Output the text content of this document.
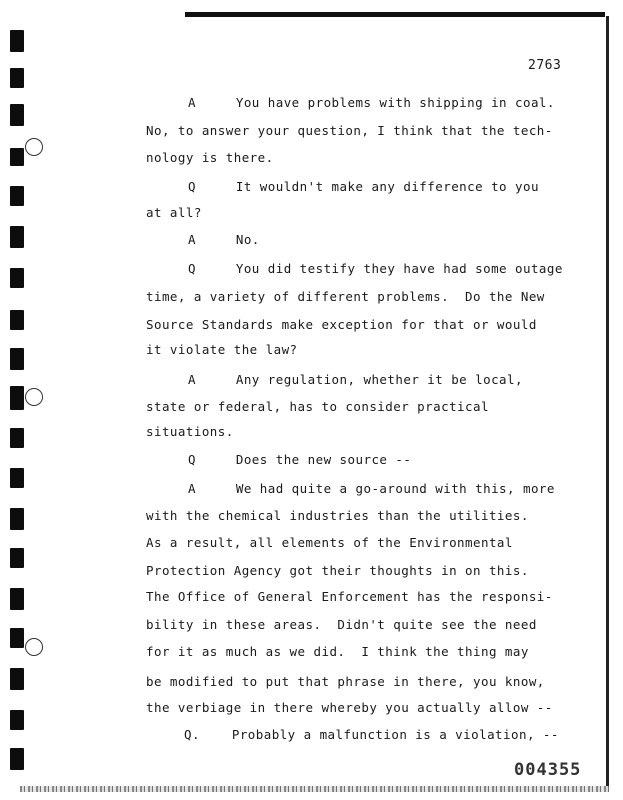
2763
A     You have problems with shipping in coal.
No, to answer your question, I think that the tech-
nology is there.
Q     It wouldn't make any difference to you
at all?
A     No.
Q     You did testify they have had some outage
time, a variety of different problems.  Do the New
Source Standards make exception for that or would
it violate the law?
A     Any regulation, whether it be local,
state or federal, has to consider practical
situations.
Q     Does the new source --
A     We had quite a go-around with this, more
with the chemical industries than the utilities.
As a result, all elements of the Environmental
Protection Agency got their thoughts in on this.
The Office of General Enforcement has the responsi-
bility in these areas.  Didn't quite see the need
for it as much as we did.  I think the thing may
be modified to put that phrase in there, you know,
the verbiage in there whereby you actually allow --
Q.    Probably a malfunction is a violation, --
004355
